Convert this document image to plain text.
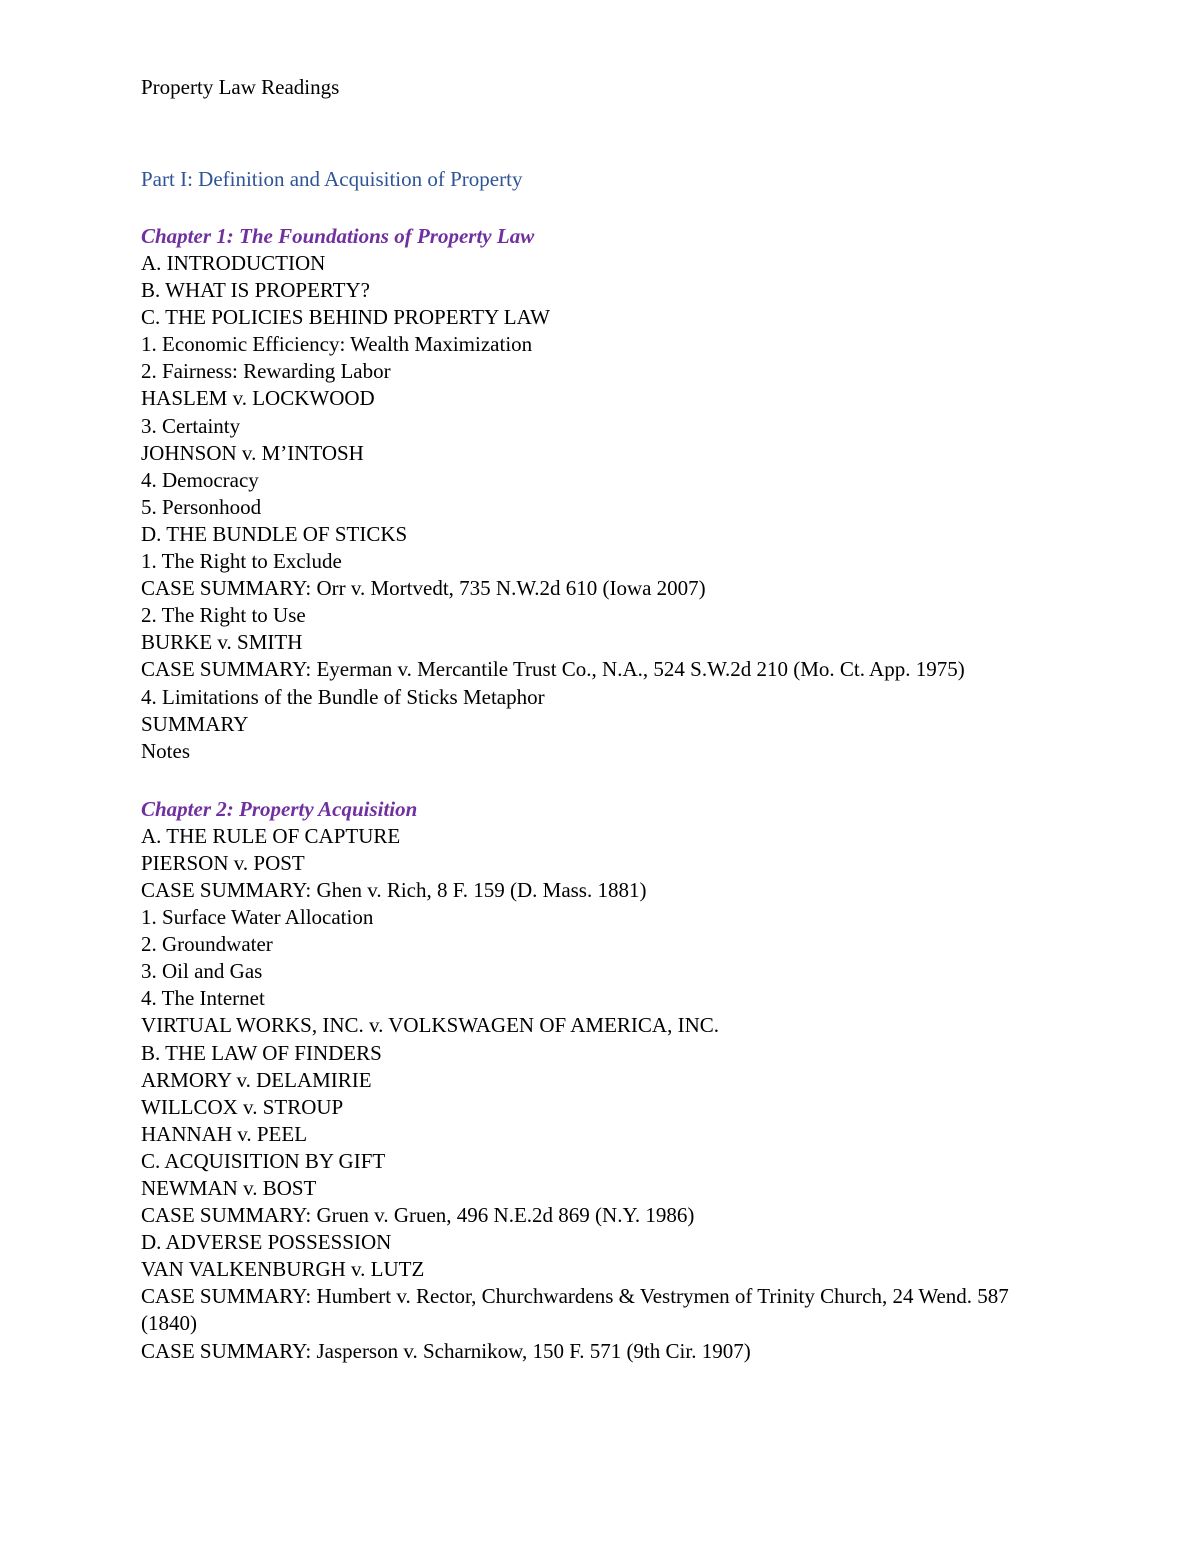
Property Law Readings
Part I: Definition and Acquisition of Property
Chapter 1: The Foundations of Property Law
A. INTRODUCTION
B. WHAT IS PROPERTY?
C. THE POLICIES BEHIND PROPERTY LAW
1. Economic Efficiency: Wealth Maximization
2. Fairness: Rewarding Labor
HASLEM v. LOCKWOOD
3. Certainty
JOHNSON v. M’INTOSH
4. Democracy
5. Personhood
D. THE BUNDLE OF STICKS
1. The Right to Exclude
CASE SUMMARY: Orr v. Mortvedt, 735 N.W.2d 610 (Iowa 2007)
2. The Right to Use
BURKE v. SMITH
CASE SUMMARY: Eyerman v. Mercantile Trust Co., N.A., 524 S.W.2d 210 (Mo. Ct. App. 1975)
4. Limitations of the Bundle of Sticks Metaphor
SUMMARY
Notes
Chapter 2: Property Acquisition
A. THE RULE OF CAPTURE
PIERSON v. POST
CASE SUMMARY: Ghen v. Rich, 8 F. 159 (D. Mass. 1881)
1. Surface Water Allocation
2. Groundwater
3. Oil and Gas
4. The Internet
VIRTUAL WORKS, INC. v. VOLKSWAGEN OF AMERICA, INC.
B. THE LAW OF FINDERS
ARMORY v. DELAMIRIE
WILLCOX v. STROUP
HANNAH v. PEEL
C. ACQUISITION BY GIFT
NEWMAN v. BOST
CASE SUMMARY: Gruen v. Gruen, 496 N.E.2d 869 (N.Y. 1986)
D. ADVERSE POSSESSION
VAN VALKENBURGH v. LUTZ
CASE SUMMARY: Humbert v. Rector, Churchwardens & Vestrymen of Trinity Church, 24 Wend. 587 (1840)
CASE SUMMARY: Jasperson v. Scharnikow, 150 F. 571 (9th Cir. 1907)
